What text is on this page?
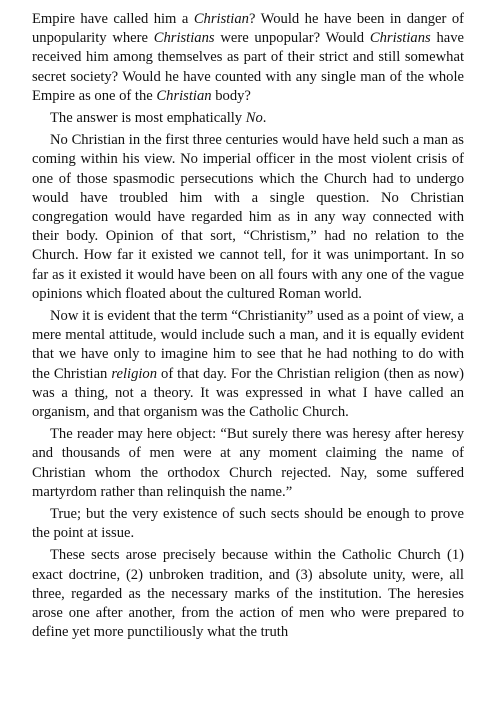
Empire have called him a Christian? Would he have been in danger of unpopularity where Christians were unpopular? Would Christians have received him among themselves as part of their strict and still somewhat secret society? Would he have counted with any single man of the whole Empire as one of the Christian body?

The answer is most emphatically No.

No Christian in the first three centuries would have held such a man as coming within his view. No imperial officer in the most violent crisis of one of those spasmodic persecutions which the Church had to undergo would have troubled him with a single question. No Christian congregation would have regarded him as in any way connected with their body. Opinion of that sort, “Christism,” had no relation to the Church. How far it existed we cannot tell, for it was unimportant. In so far as it existed it would have been on all fours with any one of the vague opinions which floated about the cultured Roman world.

Now it is evident that the term “Christianity” used as a point of view, a mere mental attitude, would include such a man, and it is equally evident that we have only to imagine him to see that he had nothing to do with the Christian religion of that day. For the Christian religion (then as now) was a thing, not a theory. It was expressed in what I have called an organism, and that organism was the Catholic Church.

The reader may here object: “But surely there was heresy after heresy and thousands of men were at any moment claiming the name of Christian whom the orthodox Church rejected. Nay, some suffered martyrdom rather than relinquish the name.”

True; but the very existence of such sects should be enough to prove the point at issue.

These sects arose precisely because within the Catholic Church (1) exact doctrine, (2) unbroken tradition, and (3) absolute unity, were, all three, regarded as the necessary marks of the institution. The heresies arose one after another, from the action of men who were prepared to define yet more punctiliously what the truth
